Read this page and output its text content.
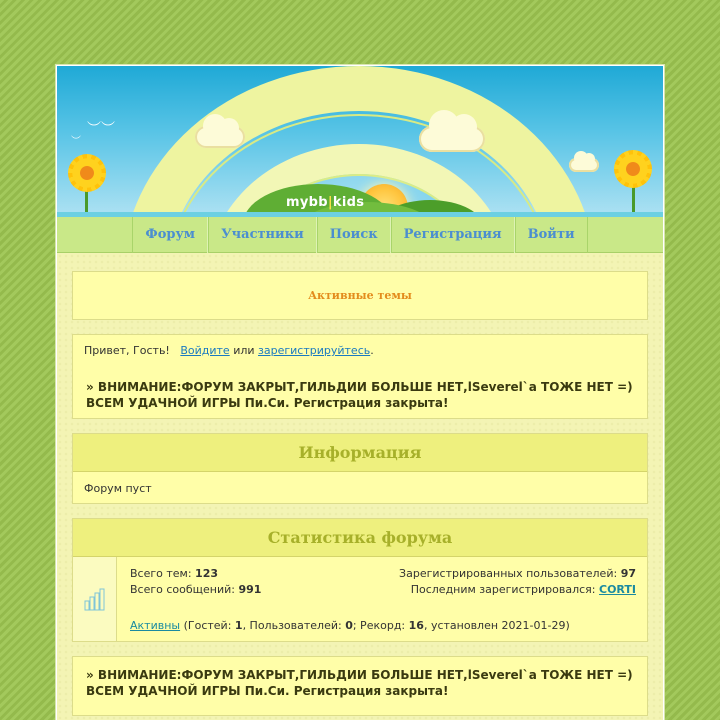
mybb|kids
︶︶
︶
Форум	Участники	Поиск	Регистрация	Войти
Активные темы
Привет, Гость! Войдите или зарегистрируйтесь.
» ВНИМАНИЕ:ФОРУМ ЗАКРЫТ,ГИЛЬДИИ БОЛЬШЕ НЕТ,lSeverel`a ТОЖЕ НЕТ =) ВСЕМ УДАЧНОЙ ИГРЫ Пи.Си. Регистрация закрыта!
Информация
Форум пуст
Статистика форума
Всего тем: 123	Зарегистрированных пользователей: 97
Всего сообщений: 991	Последним зарегистрировался: CORTI
Активны (Гостей: 1, Пользователей: 0; Рекорд: 16, установлен 2021-01-29)
» ВНИМАНИЕ:ФОРУМ ЗАКРЫТ,ГИЛЬДИИ БОЛЬШЕ НЕТ,lSeverel`a ТОЖЕ НЕТ =) ВСЕМ УДАЧНОЙ ИГРЫ Пи.Си. Регистрация закрыта!
